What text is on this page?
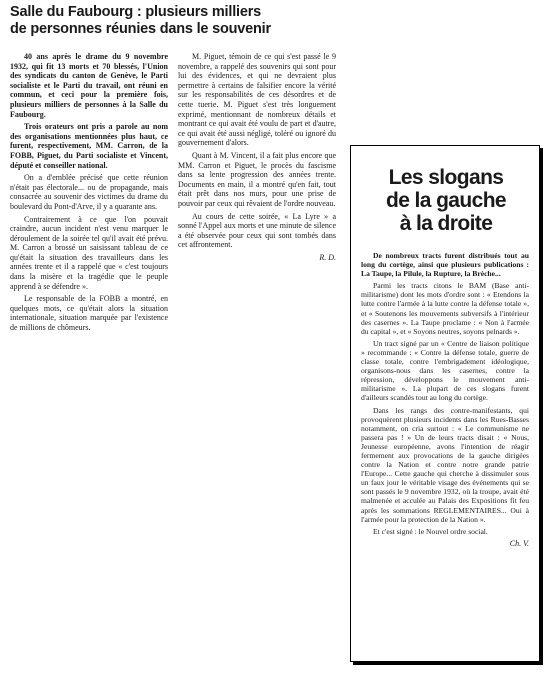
Salle du Faubourg : plusieurs milliers
de personnes réunies dans le souvenir

40 ans après le drame du 9 novembre 1932, qui fit 13 morts et 70 blessés, l'Union des syndicats du canton de Genève, le Parti socialiste et le Parti du travail, ont réuni en commun, et ceci pour la première fois, plusieurs milliers de personnes à la Salle du Faubourg.

Trois orateurs ont pris a parole au nom des organisations mentionnées plus haut, ce furent, respectivement, MM. Carron, de la FOBB, Piguet, du Parti socialiste et Vincent, député et conseiller national.

On a d'emblée précisé que cette réunion n'était pas électorale... ou de propagande, mais consacrée au souvenir des victimes du drame du boulevard du Pont-d'Arve, il y a quarante ans.

Contrairement à ce que l'on pouvait craindre, aucun incident n'est venu marquer le déroulement de la soirée tel qu'il avait été prévu. M. Carron a brossé un saisissant tableau de ce qu'était la situation des travailleurs dans les années trente et il a rappelé que « c'est toujours dans la misère et la tragédie que le peuple apprend à se défendre ».

Le responsable de la FOBB a montré, en quelques mots, ce qu'était alors la situation internationale, situation marquée par l'existence de millions de chômeurs.

M. Piguet, témoin de ce qui s'est passé le 9 novembre, a rappelé des souvenirs qui sont pour lui des évidences, et qui ne devraient plus permettre à certains de falsifier encore la vérité sur les responsabilités de ces désordres et de cette tuerie. M. Piguet s'est très longuement exprimé, mentionnant de nombreux détails et montrant ce qui avait été voulu de part et d'autre, ce qui avait été aussi négligé, toléré ou ignoré du gouvernement d'alors.

Quant à M. Vincent, il a fait plus encore que MM. Carron et Piguet, le procès du fascisme dans sa lente progression des années trente. Documents en main, il a montré qu'en fait, tout était prêt dans nos murs, pour une prise de pouvoir par ceux qui rêvaient de l'ordre nouveau.

Au cours de cette soirée, « La Lyre » a sonné l'Appel aux morts et une minute de silence a été observée pour ceux qui sont tombés dans cet affrontement.

R. D.
Les slogans
de la gauche
à la droite

De nombreux tracts furent distribués tout au long du cortège, ainsi que plusieurs publications : La Taupe, la Pilule, la Rupture, la Brèche...

Parmi les tracts citons le BAM (Base anti-militarisme) dont les mots d'ordre sont : « Etendons la lutte contre l'armée à la lutte contre la défense totale », et « Soutenons les mouvements subversifs à l'intérieur des casernes ». La Taupe proclame : « Non à l'armée du capital », et « Soyons neutres, soyons pelnards ».

Un tract signé par un « Centre de liaison politique » recommande : « Contre la défense totale, guerre de classe totale, contre l'embrigadement idéologique, organisons-nous dans les casernes, contre la répression, développons le mouvement anti-militarisme ». La plupart de ces slogans furent d'ailleurs scandés tout au long du cortège.

Dans les rangs des contre-manifestants, qui provoquèrent plusieurs incidents dans les Rues-Basses notamment, on cria surtout : « Le communisme ne passera pas ! » Un de leurs tracts disait : « Nous, Jeunesse européenne, avons l'intention de réagir fermement aux provocations de la gauche dirigées contre la Nation et contre notre grande patrie l'Europe... Cette gauche qui cherche à dissimuler sous un faux jour le véritable visage des événements qui se sont passés le 9 novembre 1932, où la troupe, avait été malmenée et acculée au Palais des Expositions fit feu après les sommations REGLEMENTAIRES... Oui à l'armée pour la protection de la Nation ».

Et c'est signé : le Nouvel ordre social.

Ch. V.
